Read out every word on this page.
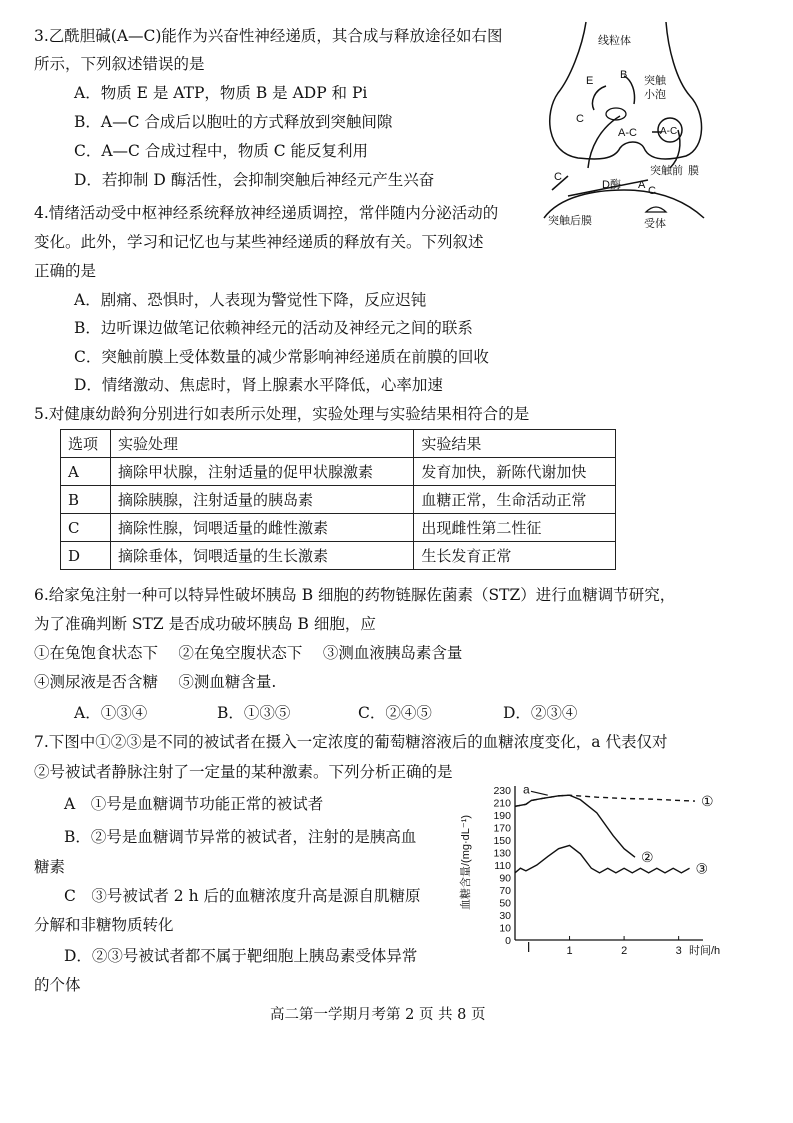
3.乙酰胆碱(A—C)能作为兴奋性神经递质，其合成与释放途径如右图
所示，下列叙述错误的是
A．物质 E 是 ATP，物质 B 是 ADP 和 Pi
B．A—C 合成后以胞吐的方式释放到突触间隙
C．A—C 合成过程中，物质 C 能反复利用
D．若抑制 D 酶活性，会抑制突触后神经元产生兴奋
线粒体
E B 突触
小泡
C
A-C A-C
突触前 膜
C
D酶 A C
突触后膜	受体
4.情绪活动受中枢神经系统释放神经递质调控，常伴随内分泌活动的
变化。此外，学习和记忆也与某些神经递质的释放有关。下列叙述
正确的是
A．剧痛、恐惧时，人表现为警觉性下降，反应迟钝
B．边听课边做笔记依赖神经元的活动及神经元之间的联系
C．突触前膜上受体数量的减少常影响神经递质在前膜的回收
D．情绪激动、焦虑时，肾上腺素水平降低，心率加速
5.对健康幼龄狗分别进行如表所示处理，实验处理与实验结果相符合的是
选项	实验处理	实验结果
A	摘除甲状腺，注射适量的促甲状腺激素	发育加快，新陈代谢加快
B	摘除胰腺，注射适量的胰岛素	血糖正常，生命活动正常
C	摘除性腺，饲喂适量的雌性激素	出现雌性第二性征
D	摘除垂体，饲喂适量的生长激素	生长发育正常
6.给家兔注射一种可以特异性破坏胰岛 B 细胞的药物链脲佐菌素（STZ）进行血糖调节研究，
为了准确判断 STZ 是否成功破坏胰岛 B 细胞，应
①在兔饱食状态下　 ②在兔空腹状态下　 ③测血液胰岛素含量
④测尿液是否含糖　 ⑤测血糖含量.
A．①③④	B．①③⑤	C．②④⑤	D．②③④
7.下图中①②③是不同的被试者在摄入一定浓度的葡萄糖溶液后的血糖浓度变化，a 代表仅对
②号被试者静脉注射了一定量的某种激素。下列分析正确的是
A　①号是血糖调节功能正常的被试者
B．②号是血糖调节异常的被试者，注射的是胰高血
糖素
C　③号被试者 2 h 后的血糖浓度升高是源自肌糖原
分解和非糖物质转化
D．②③号被试者都不属于靶细胞上胰岛素受体异常
的个体
230
210
190
170
150
130
110
90
70
50
30
10
0
1	2	3 时间/h
血糖含量/(mg·dL⁻¹)
①
②
③
a
高二第一学期月考第 2 页 共 8 页
